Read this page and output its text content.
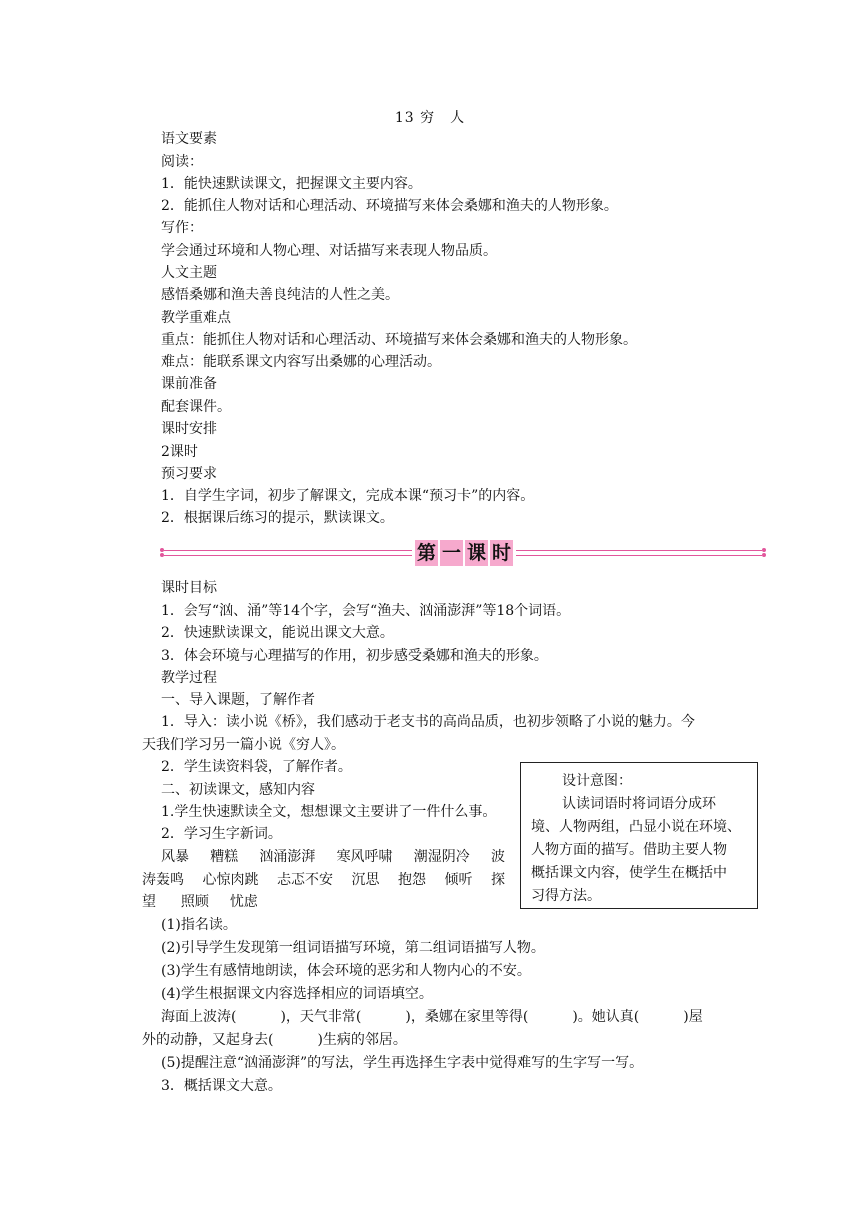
13 穷　人
语文要素
阅读：
1．能快速默读课文，把握课文主要内容。
2．能抓住人物对话和心理活动、环境描写来体会桑娜和渔夫的人物形象。
写作：
学会通过环境和人物心理、对话描写来表现人物品质。
人文主题
感悟桑娜和渔夫善良纯洁的人性之美。
教学重难点
重点：能抓住人物对话和心理活动、环境描写来体会桑娜和渔夫的人物形象。
难点：能联系课文内容写出桑娜的心理活动。
课前准备
配套课件。
课时安排
2课时
预习要求
1．自学生字词，初步了解课文，完成本课“预习卡”的内容。
2．根据课后练习的提示，默读课文。
第 一 课 时
课时目标
1．会写“汹、涌”等14个字，会写“渔夫、汹涌澎湃”等18个词语。
2．快速默读课文，能说出课文大意。
3．体会环境与心理描写的作用，初步感受桑娜和渔夫的形象。
教学过程
一、导入课题，了解作者
1．导入：读小说《桥》，我们感动于老支书的高尚品质，也初步领略了小说的魅力。今
天我们学习另一篇小说《穷人》。
2．学生读资料袋，了解作者。
二、初读课文，感知内容
1.学生快速默读全文，想想课文主要讲了一件什么事。
2．学习生字新词。
风暴 糟糕 汹涌澎湃 寒风呼啸 潮湿阴冷 波
涛轰鸣 心惊肉跳 忐忑不安 沉思 抱怨 倾听 探
望 照顾 忧虑
(1)指名读。
(2)引导学生发现第一组词语描写环境，第二组词语描写人物。
(3)学生有感情地朗读，体会环境的恶劣和人物内心的不安。
(4)学生根据课文内容选择相应的词语填空。
海面上波涛(	)，天气非常(	)，桑娜在家里等得(	)。她认真(	)屋
外的动静，又起身去(	)生病的邻居。
(5)提醒注意“汹涌澎湃”的写法，学生再选择生字表中觉得难写的生字写一写。
3．概括课文大意。
设计意图：
认读词语时将词语分成环
境、人物两组，凸显小说在环境、
人物方面的描写。借助主要人物
概括课文内容，使学生在概括中
习得方法。
